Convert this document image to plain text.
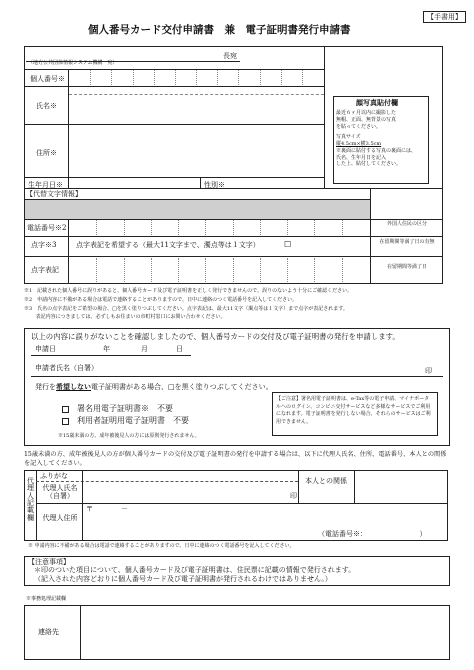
【手書用】
個人番号カード交付申請書　兼　電子証明書発行申請書
長宛
（地方公共団体情報システム機構　宛）
個人番号※
氏名※
住所※
生年月日※	性別※
顔写真貼付欄
最近６ヶ月以内に撮影した
無帽、正面、無背景の写真
を貼ってください。
写真サイズ
縦4.5cm×横3.5cm
※裏面に貼付する写真の裏面には、
氏名、生年月日を記入
した上、貼付してください。
【代替文字情報】
電話番号※2
点字※3	点字表記を希望する（最大11文字まで、濁点等は１文字）	☐
点字表記
外国人住民の区分
在留期間等満了日の有無
在留期間等満了日
※1　記載された個人番号に誤りがあると、個人番号カード及び電子証明書を正しく発行できませんので、誤りのないよう十分にご確認ください。
※2　申請内容に不備がある場合は電話で連絡することがありますので、日中に連絡のつく電話番号を記入してください。
※3　氏名の点字表記をご希望の場合、□を黒く塗りつぶしてください。点字表記は、最大11文字（濁点等は１文字）まで点字が表記されます。
　　 表記内容につきましては、必ずしもお住まいの市町村窓口にお問い合わせください。
以上の内容に誤りがないことを確認しましたので、個人番号カードの交付及び電子証明書の発行を申請します。
申請日	年	月	日
申請者氏名（自署）	印
発行を希望しない電子証明書がある場合、□を黒く塗りつぶしてください。
　署名用電子証明書※　不要
　利用者証明用電子証明書　不要
※15歳未満の方、成年被後見人の方には原則発行されません。
【ご注意】署名用電子証明書は、e-Tax等の電子申請、マイナポータルへのログイン、コンビニ交付サービスなど多様なサービスでご利用になれます。電子証明書を発行しない場合、それらのサービスはご利用できません。
15歳未満の方、成年被後見人の方が個人番号カードの交付及び電子証明書の発行を申請する場合は、以下に代理人氏名、住所、電話番号、本人との関係を記入してください。
代理人記載欄
ふりがな
代理人氏名（自署）	印
本人との関係
代理人住所
〒　　　　－
（電話番号※：　　　　　　　　）
※ 申請内容に不備がある場合は電話で連絡することがありますので、日中に連絡のつく電話番号を記入してください。
【注意事項】
＊印のついた項目について、個人番号カード及び電子証明書は、住民票に記載の情報で発行されます。
（記入された内容どおりに個人番号カード及び電子証明書が発行されるわけではありません。）
※事務処理記載欄
連絡先
